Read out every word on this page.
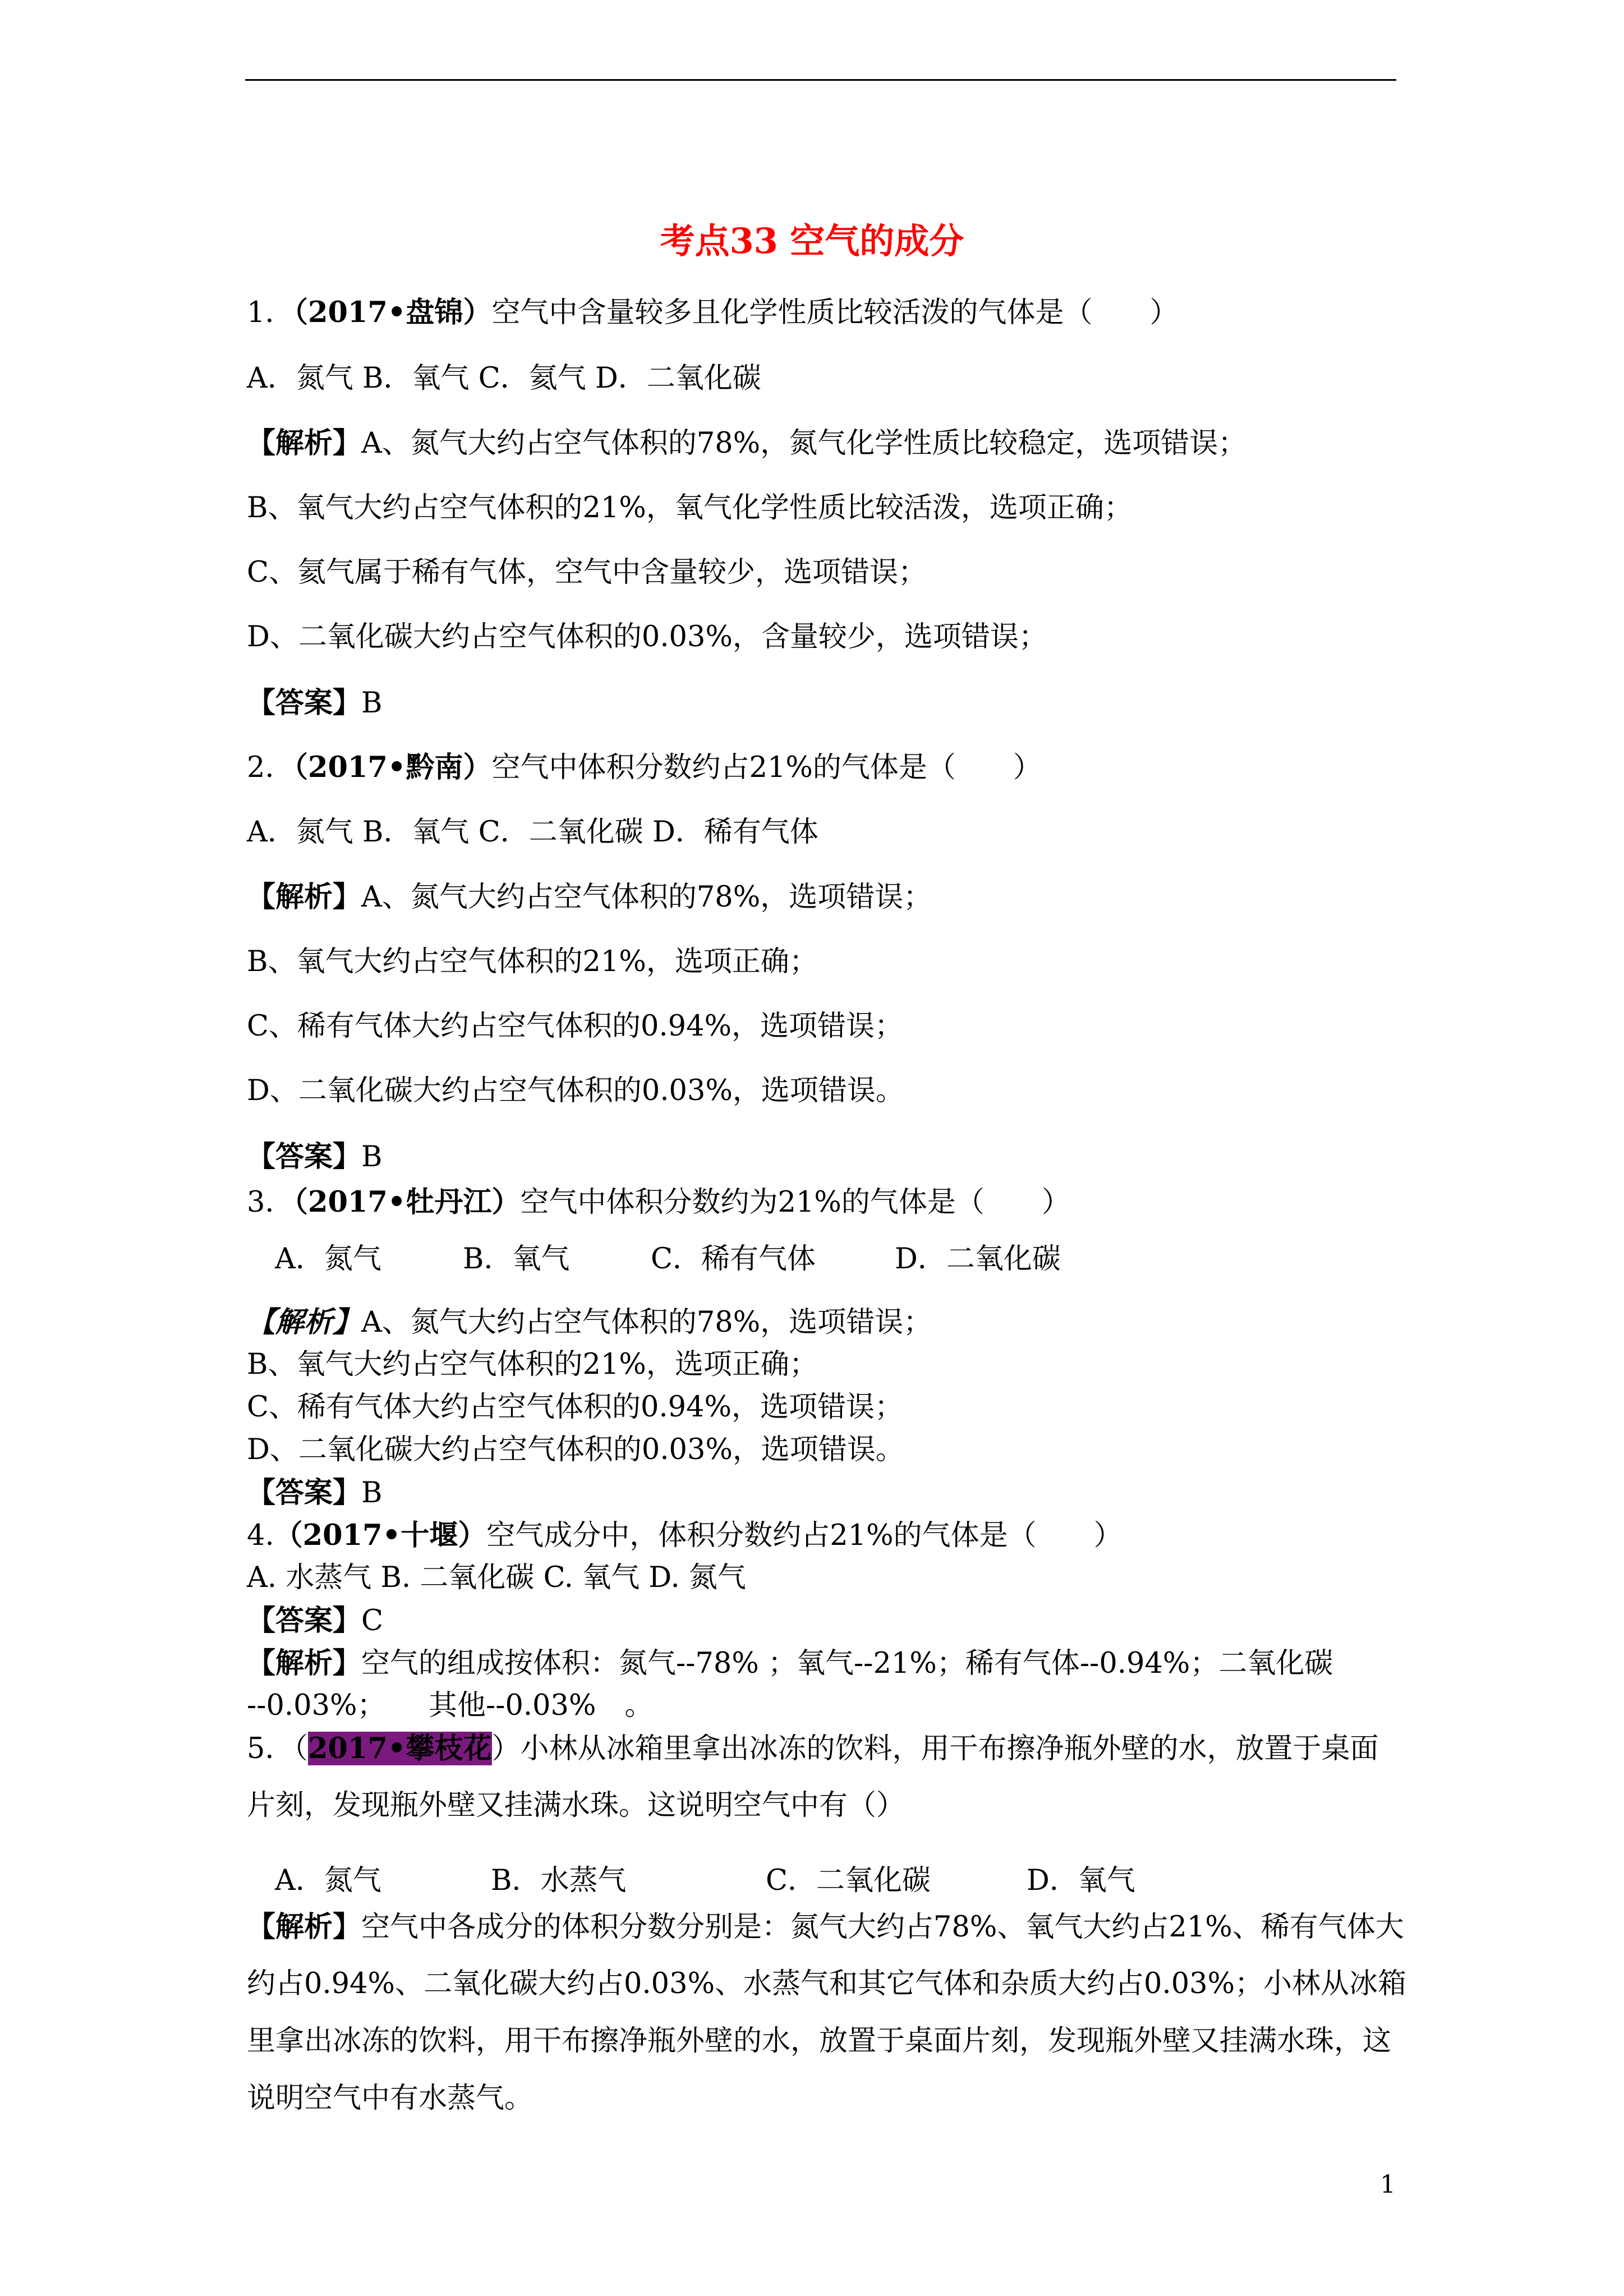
考点33 空气的成分
1．（2017•盘锦）空气中含量较多且化学性质比较活泼的气体是（　　）
A．氮气 B．氧气 C．氦气 D．二氧化碳
【解析】A、氮气大约占空气体积的78%，氮气化学性质比较稳定，选项错误；
B、氧气大约占空气体积的21%，氧气化学性质比较活泼，选项正确；
C、氦气属于稀有气体，空气中含量较少，选项错误；
D、二氧化碳大约占空气体积的0.03%，含量较少，选项错误；
【答案】B
2．（2017•黔南）空气中体积分数约占21%的气体是（　　）
A．氮气 B．氧气 C．二氧化碳 D．稀有气体
【解析】A、氮气大约占空气体积的78%，选项错误；
B、氧气大约占空气体积的21%，选项正确；
C、稀有气体大约占空气体积的0.94%，选项错误；
D、二氧化碳大约占空气体积的0.03%，选项错误。
【答案】B
3．（2017•牡丹江）空气中体积分数约为21%的气体是（　　）
A．氮气	B．氧气	C．稀有气体	D．二氧化碳
【解析】A、氮气大约占空气体积的78%，选项错误；
B、氧气大约占空气体积的21%，选项正确；
C、稀有气体大约占空气体积的0.94%，选项错误；
D、二氧化碳大约占空气体积的0.03%，选项错误。
【答案】B
4.（2017•十堰）空气成分中，体积分数约占21%的气体是（　　）
A. 水蒸气 B. 二氧化碳 C. 氧气 D. 氮气
【答案】C
【解析】空气的组成按体积：氮气--78% ；氧气--21%；稀有气体--0.94%；二氧化碳
--0.03%；　　其他--0.03%　。
5．（2017•攀枝花）小林从冰箱里拿出冰冻的饮料，用干布擦净瓶外壁的水，放置于桌面
片刻，发现瓶外壁又挂满水珠。这说明空气中有（）
A．氮气	B．水蒸气	C．二氧化碳	D．氧气
【解析】空气中各成分的体积分数分别是：氮气大约占78%、氧气大约占21%、稀有气体大
约占0.94%、二氧化碳大约占0.03%、水蒸气和其它气体和杂质大约占0.03%；小林从冰箱
里拿出冰冻的饮料，用干布擦净瓶外壁的水，放置于桌面片刻，发现瓶外壁又挂满水珠，这
说明空气中有水蒸气。
1
